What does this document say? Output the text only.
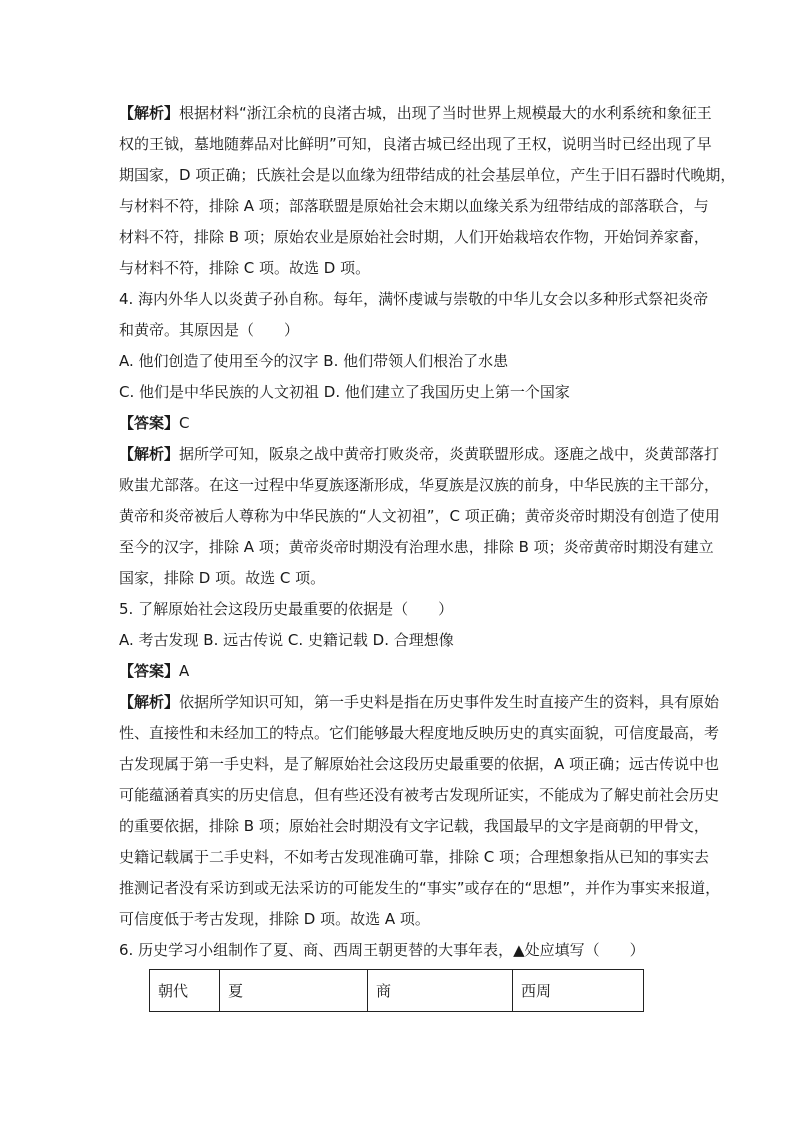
【解析】根据材料“浙江余杭的良渚古城，出现了当时世界上规模最大的水利系统和象征王
权的王钺，墓地随葬品对比鲜明”可知，良渚古城已经出现了王权，说明当时已经出现了早
期国家，D 项正确；氏族社会是以血缘为纽带结成的社会基层单位，产生于旧石器时代晚期，
与材料不符，排除 A 项；部落联盟是原始社会末期以血缘关系为纽带结成的部落联合，与
材料不符，排除 B 项；原始农业是原始社会时期，人们开始栽培农作物，开始饲养家畜，
与材料不符，排除 C 项。故选 D 项。
4. 海内外华人以炎黄子孙自称。每年，满怀虔诚与崇敬的中华儿女会以多种形式祭祀炎帝
和黄帝。其原因是（　　）
A. 他们创造了使用至今的汉字 B. 他们带领人们根治了水患
C. 他们是中华民族的人文初祖 D. 他们建立了我国历史上第一个国家
【答案】C
【解析】据所学可知，阪泉之战中黄帝打败炎帝，炎黄联盟形成。逐鹿之战中，炎黄部落打
败蚩尤部落。在这一过程中华夏族逐渐形成，华夏族是汉族的前身，中华民族的主干部分，
黄帝和炎帝被后人尊称为中华民族的“人文初祖”，C 项正确；黄帝炎帝时期没有创造了使用
至今的汉字，排除 A 项；黄帝炎帝时期没有治理水患，排除 B 项；炎帝黄帝时期没有建立
国家，排除 D 项。故选 C 项。
5. 了解原始社会这段历史最重要的依据是（　　）
A. 考古发现 B. 远古传说 C. 史籍记载 D. 合理想像
【答案】A
【解析】依据所学知识可知，第一手史料是指在历史事件发生时直接产生的资料，具有原始
性、直接性和未经加工的特点。它们能够最大程度地反映历史的真实面貌，可信度最高，考
古发现属于第一手史料，是了解原始社会这段历史最重要的依据，A 项正确；远古传说中也
可能蕴涵着真实的历史信息，但有些还没有被考古发现所证实，不能成为了解史前社会历史
的重要依据，排除 B 项；原始社会时期没有文字记载，我国最早的文字是商朝的甲骨文，
史籍记载属于二手史料，不如考古发现准确可靠，排除 C 项；合理想象指从已知的事实去
推测记者没有采访到或无法采访的可能发生的“事实”或存在的“思想”，并作为事实来报道，
可信度低于考古发现，排除 D 项。故选 A 项。
6. 历史学习小组制作了夏、商、西周王朝更替的大事年表，▲处应填写（　　）
朝代	夏	商	西周
